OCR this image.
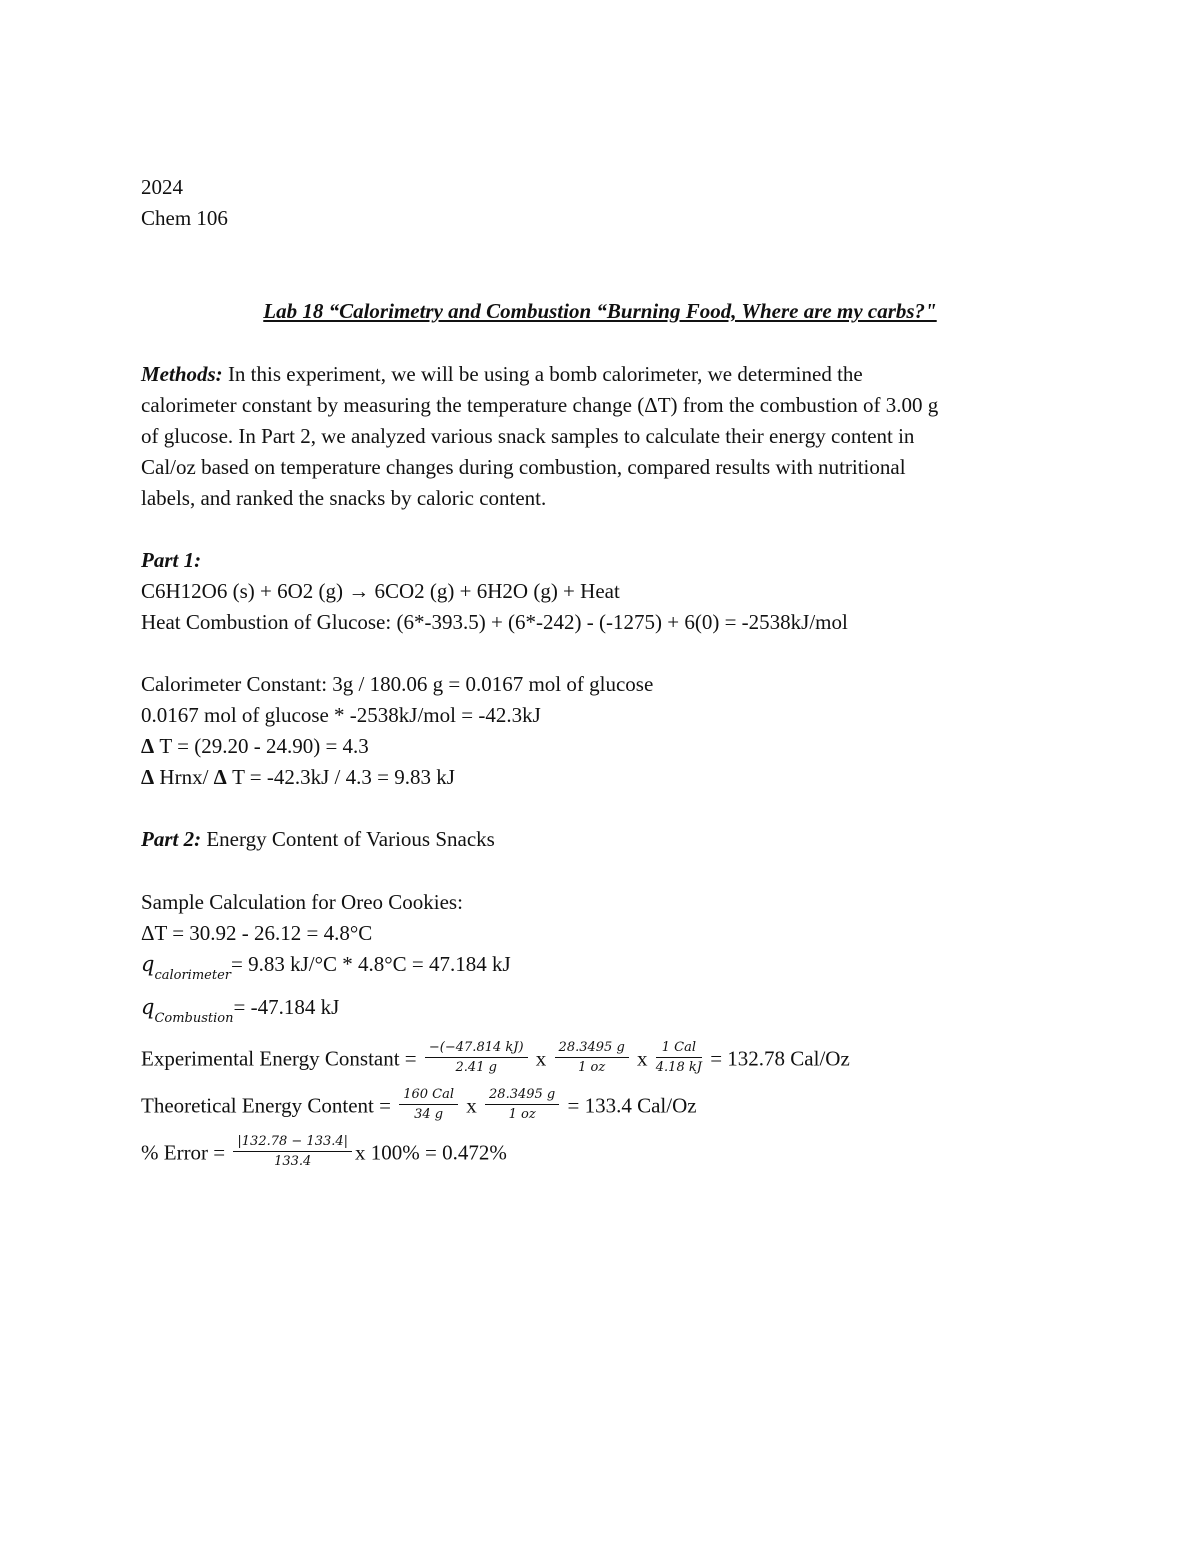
2024
Chem 106
Lab 18 “Calorimetry and Combustion “Burning Food, Where are my carbs?"
Methods: In this experiment, we will be using a bomb calorimeter, we determined the
calorimeter constant by measuring the temperature change (ΔT) from the combustion of 3.00 g
of glucose. In Part 2, we analyzed various snack samples to calculate their energy content in
Cal/oz based on temperature changes during combustion, compared results with nutritional
labels, and ranked the snacks by caloric content.
Part 1:
C6H12O6 (s) + 6O2 (g) → 6CO2 (g) + 6H2O (g) + Heat
Heat Combustion of Glucose: (6*-393.5) + (6*-242) - (-1275) + 6(0) = -2538kJ/mol
Calorimeter Constant: 3g / 180.06 g = 0.0167 mol of glucose
0.0167 mol of glucose * -2538kJ/mol = -42.3kJ
Δ T = (29.20 - 24.90) = 4.3
Δ Hrnx/ Δ T = -42.3kJ / 4.3 = 9.83 kJ
Part 2: Energy Content of Various Snacks
Sample Calculation for Oreo Cookies:
ΔT = 30.92 - 26.12 = 4.8°C
$q_{calorimeter}= 9.83$ kJ/°C * 4.8°C = 47.184 kJ
$q_{Combustion}= -47.184$ kJ
Experimental Energy Constant = $\frac{-(-47.814 kJ)}{2.41 g}$ x $\frac{28.3495 g}{1 oz}$ x $\frac{\text{1 Cal}}{4.18 kJ} = 132.78$ Cal/Oz
Theoretical Energy Content = $\frac{\text{160 Cal}}{34 g}$ x $\frac{28.3495 g}{1 oz} = 133.4$ Cal/Oz
% Error = $\frac{|132.78 - 133.4|}{133.4}$ x 100% = 0.472%
